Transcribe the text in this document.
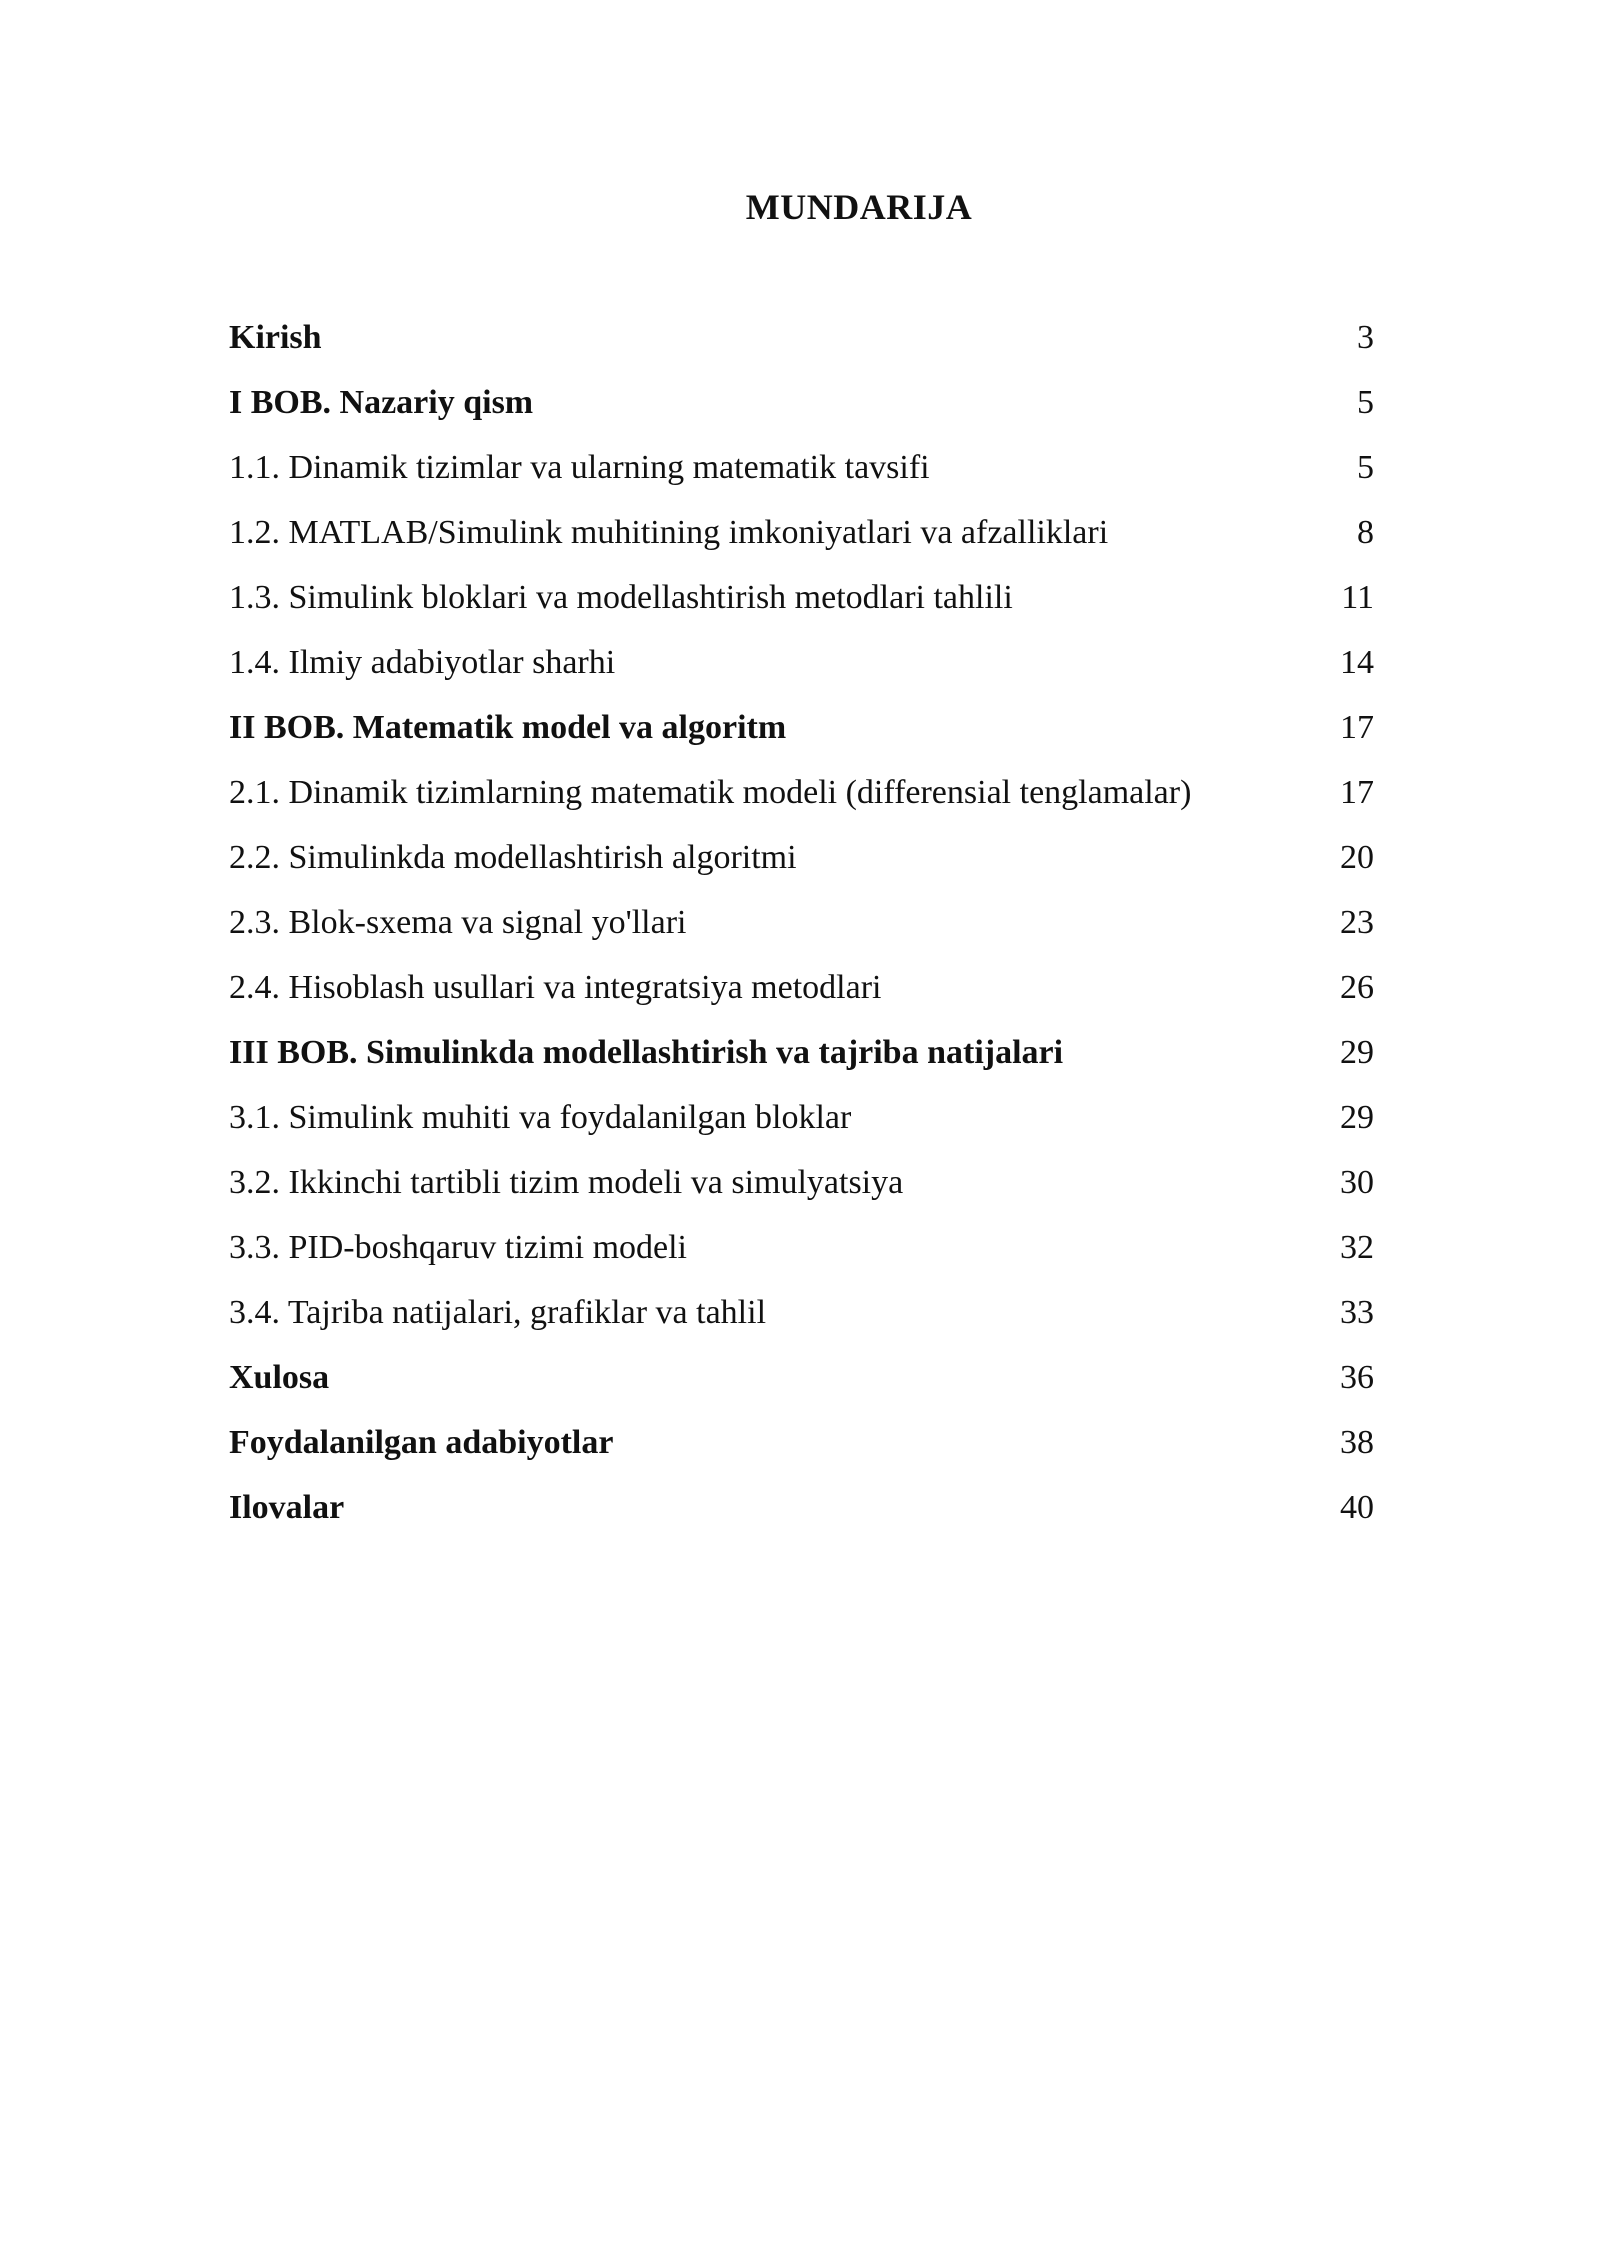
MUNDARIJA
Kirish	3
I BOB. Nazariy qism	5
1.1. Dinamik tizimlar va ularning matematik tavsifi	5
1.2. MATLAB/Simulink muhitining imkoniyatlari va afzalliklari	8
1.3. Simulink bloklari va modellashtirish metodlari tahlili	11
1.4. Ilmiy adabiyotlar sharhi	14
II BOB. Matematik model va algoritm	17
2.1. Dinamik tizimlarning matematik modeli (differensial tenglamalar)	17
2.2. Simulinkda modellashtirish algoritmi	20
2.3. Blok-sxema va signal yo'llari	23
2.4. Hisoblash usullari va integratsiya metodlari	26
III BOB. Simulinkda modellashtirish va tajriba natijalari	29
3.1. Simulink muhiti va foydalanilgan bloklar	29
3.2. Ikkinchi tartibli tizim modeli va simulyatsiya	30
3.3. PID-boshqaruv tizimi modeli	32
3.4. Tajriba natijalari, grafiklar va tahlil	33
Xulosa	36
Foydalanilgan adabiyotlar	38
Ilovalar	40
